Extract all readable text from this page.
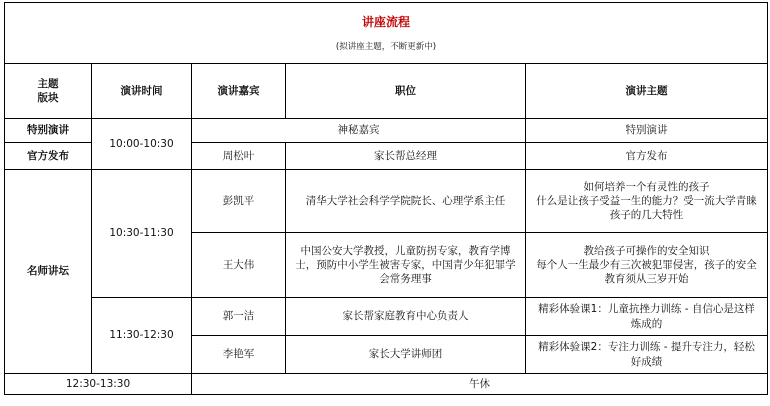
讲座流程
(拟讲座主题，不断更新中)				

主题
版块	演讲时间	演讲嘉宾	职位	演讲主题
特别演讲	10:00-10:30	神秘嘉宾		特别演讲
官方发布		周松叶	家长帮总经理	官方发布
名师讲坛	10:30-11:30	彭凯平	清华大学社会科学学院院长、心理学系主任	如何培养一个有灵性的孩子
什么是让孩子受益一生的能力？受一流大学青睐
孩子的几大特性

		王大伟	中国公安大学教授，儿童防拐专家，教育学博
士，预防中小学生被害专家，中国青少年犯罪学
会常务理事	教给孩子可操作的安全知识
每个人一生最少有三次被犯罪侵害，孩子的安全
教育须从三岁开始

	11:30-12:30	郭一洁	家长帮家庭教育中心负责人	精彩体验课1：儿童抗挫力训练 - 自信心是这样
炼成的

		李艳军	家长大学讲师团	精彩体验课2：专注力训练 - 提升专注力，轻松
好成绩

12:30-13:30		午休		
